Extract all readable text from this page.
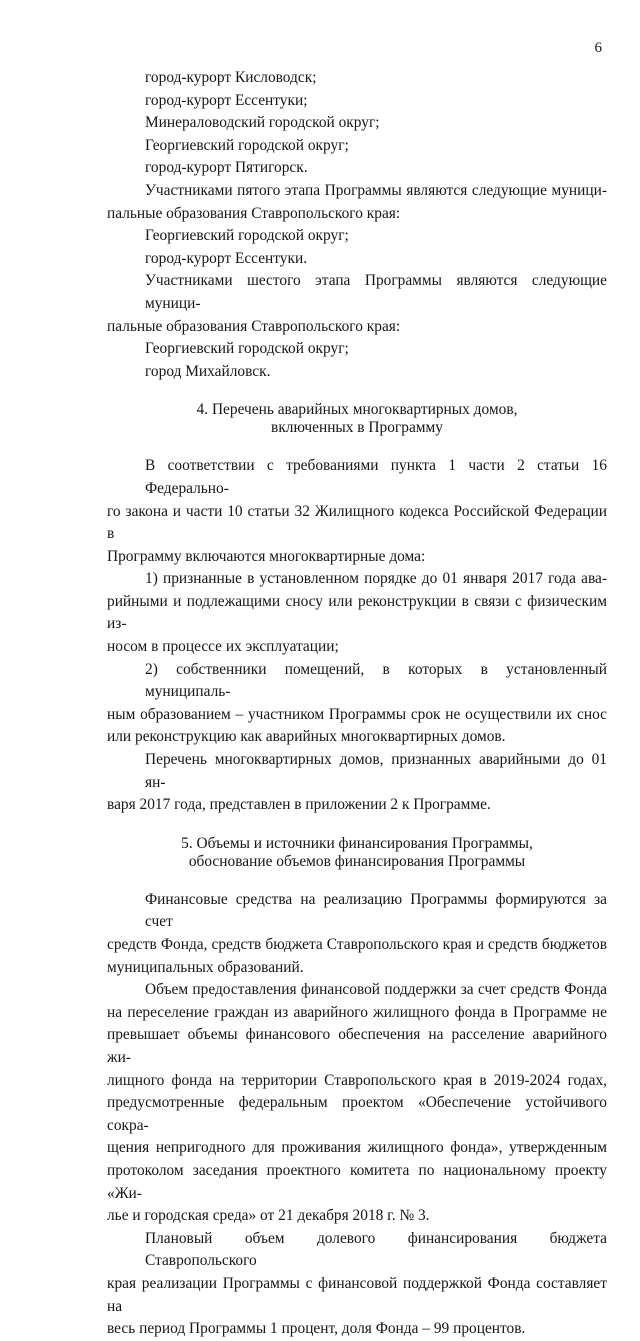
6
город-курорт Кисловодск;
город-курорт Ессентуки;
Минераловодский городской округ;
Георгиевский городской округ;
город-курорт Пятигорск.
Участниками пятого этапа Программы являются следующие муници-
пальные образования Ставропольского края:
Георгиевский городской округ;
город-курорт Ессентуки.
Участниками шестого этапа Программы являются следующие муници-
пальные образования Ставропольского края:
Георгиевский городской округ;
город Михайловск.
4. Перечень аварийных многоквартирных домов,
включенных в Программу
В соответствии с требованиями пункта 1 части 2 статьи 16 Федерально-
го закона и части 10 статьи 32 Жилищного кодекса Российской Федерации в
Программу включаются многоквартирные дома:
1) признанные в установленном порядке до 01 января 2017 года ава-
рийными и подлежащими сносу или реконструкции в связи с физическим из-
носом в процессе их эксплуатации;
2) собственники помещений, в которых в установленный муниципаль-
ным образованием – участником Программы срок не осуществили их снос
или реконструкцию как аварийных многоквартирных домов.
Перечень многоквартирных домов, признанных аварийными до 01 ян-
варя 2017 года, представлен в приложении 2 к Программе.
5. Объемы и источники финансирования Программы,
обоснование объемов финансирования Программы
Финансовые средства на реализацию Программы формируются за счет
средств Фонда, средств бюджета Ставропольского края и средств бюджетов
муниципальных образований.
Объем предоставления финансовой поддержки за счет средств Фонда
на переселение граждан из аварийного жилищного фонда в Программе не
превышает объемы финансового обеспечения на расселение аварийного жи-
лищного фонда на территории Ставропольского края в 2019-2024 годах,
предусмотренные федеральным проектом «Обеспечение устойчивого сокра-
щения непригодного для проживания жилищного фонда», утвержденным
протоколом заседания проектного комитета по национальному проекту «Жи-
лье и городская среда» от 21 декабря 2018 г. № 3.
Плановый объем долевого финансирования бюджета Ставропольского
края реализации Программы с финансовой поддержкой Фонда составляет на
весь период Программы 1 процент, доля Фонда – 99 процентов.
